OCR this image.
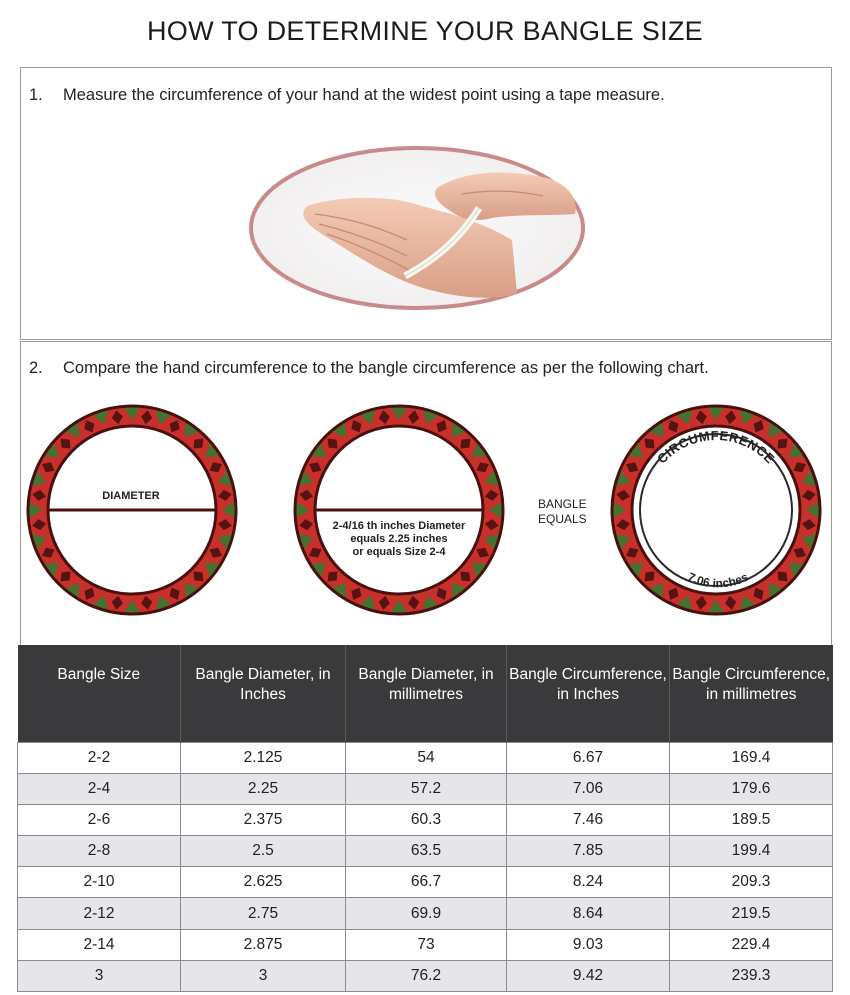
HOW TO DETERMINE YOUR BANGLE SIZE
1. Measure the circumference of your hand at the widest point using a tape measure.
2. Compare the hand circumference to the bangle circumference as per the following chart.
DIAMETER
2-4/16 th inches Diameter
equals 2.25 inches
or equals Size 2-4
BANGLE
EQUALS
CIRCUMFERENCE
7.06 inches
Bangle Size	Bangle Diameter, in Inches	Bangle Diameter, in millimetres	Bangle Circumference, in Inches	Bangle Circumference, in millimetres
2-2	2.125	54	6.67	169.4
2-4	2.25	57.2	7.06	179.6
2-6	2.375	60.3	7.46	189.5
2-8	2.5	63.5	7.85	199.4
2-10	2.625	66.7	8.24	209.3
2-12	2.75	69.9	8.64	219.5
2-14	2.875	73	9.03	229.4
3	3	76.2	9.42	239.3
